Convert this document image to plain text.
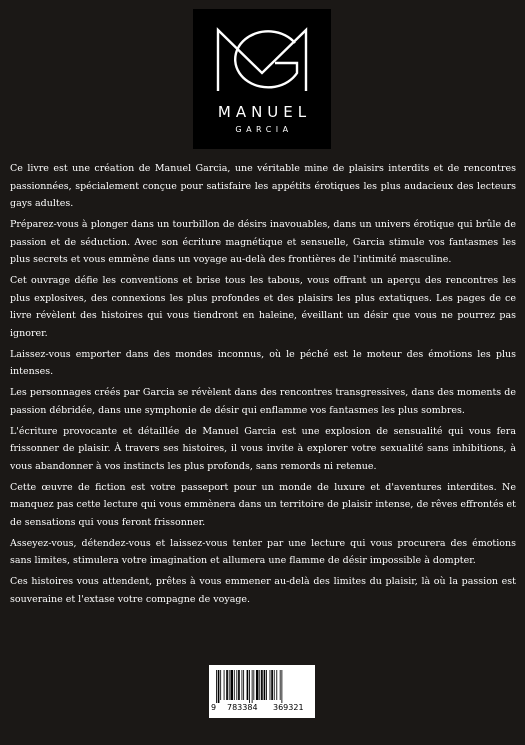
MANUEL
GARCIA

Ce livre est une création de Manuel Garcia, une véritable mine de plaisirs interdits et de rencontres passionnées, spécialement conçue pour satisfaire les appétits érotiques les plus audacieux des lecteurs gays adultes.

Préparez-vous à plonger dans un tourbillon de désirs inavouables, dans un univers érotique qui brûle de passion et de séduction. Avec son écriture magnétique et sensuelle, Garcia stimule vos fantasmes les plus secrets et vous emmène dans un voyage au-delà des frontières de l'intimité masculine.

Cet ouvrage défie les conventions et brise tous les tabous, vous offrant un aperçu des rencontres les plus explosives, des connexions les plus profondes et des plaisirs les plus extatiques. Les pages de ce livre révèlent des histoires qui vous tiendront en haleine, éveillant un désir que vous ne pourrez pas ignorer.

Laissez-vous emporter dans des mondes inconnus, où le péché est le moteur des émotions les plus intenses.

Les personnages créés par Garcia se révèlent dans des rencontres transgressives, dans des moments de passion débridée, dans une symphonie de désir qui enflamme vos fantasmes les plus sombres.

L'écriture provocante et détaillée de Manuel Garcia est une explosion de sensualité qui vous fera frissonner de plaisir. À travers ses histoires, il vous invite à explorer votre sexualité sans inhibitions, à vous abandonner à vos instincts les plus profonds, sans remords ni retenue.

Cette œuvre de fiction est votre passeport pour un monde de luxure et d'aventures interdites. Ne manquez pas cette lecture qui vous emmènera dans un territoire de plaisir intense, de rêves effrontés et de sensations qui vous feront frissonner.

Asseyez-vous, détendez-vous et laissez-vous tenter par une lecture qui vous procurera des émotions sans limites, stimulera votre imagination et allumera une flamme de désir impossible à dompter.

Ces histoires vous attendent, prêtes à vous emmener au-delà des limites du plaisir, là où la passion est souveraine et l'extase votre compagne de voyage.

9 783384 369321
